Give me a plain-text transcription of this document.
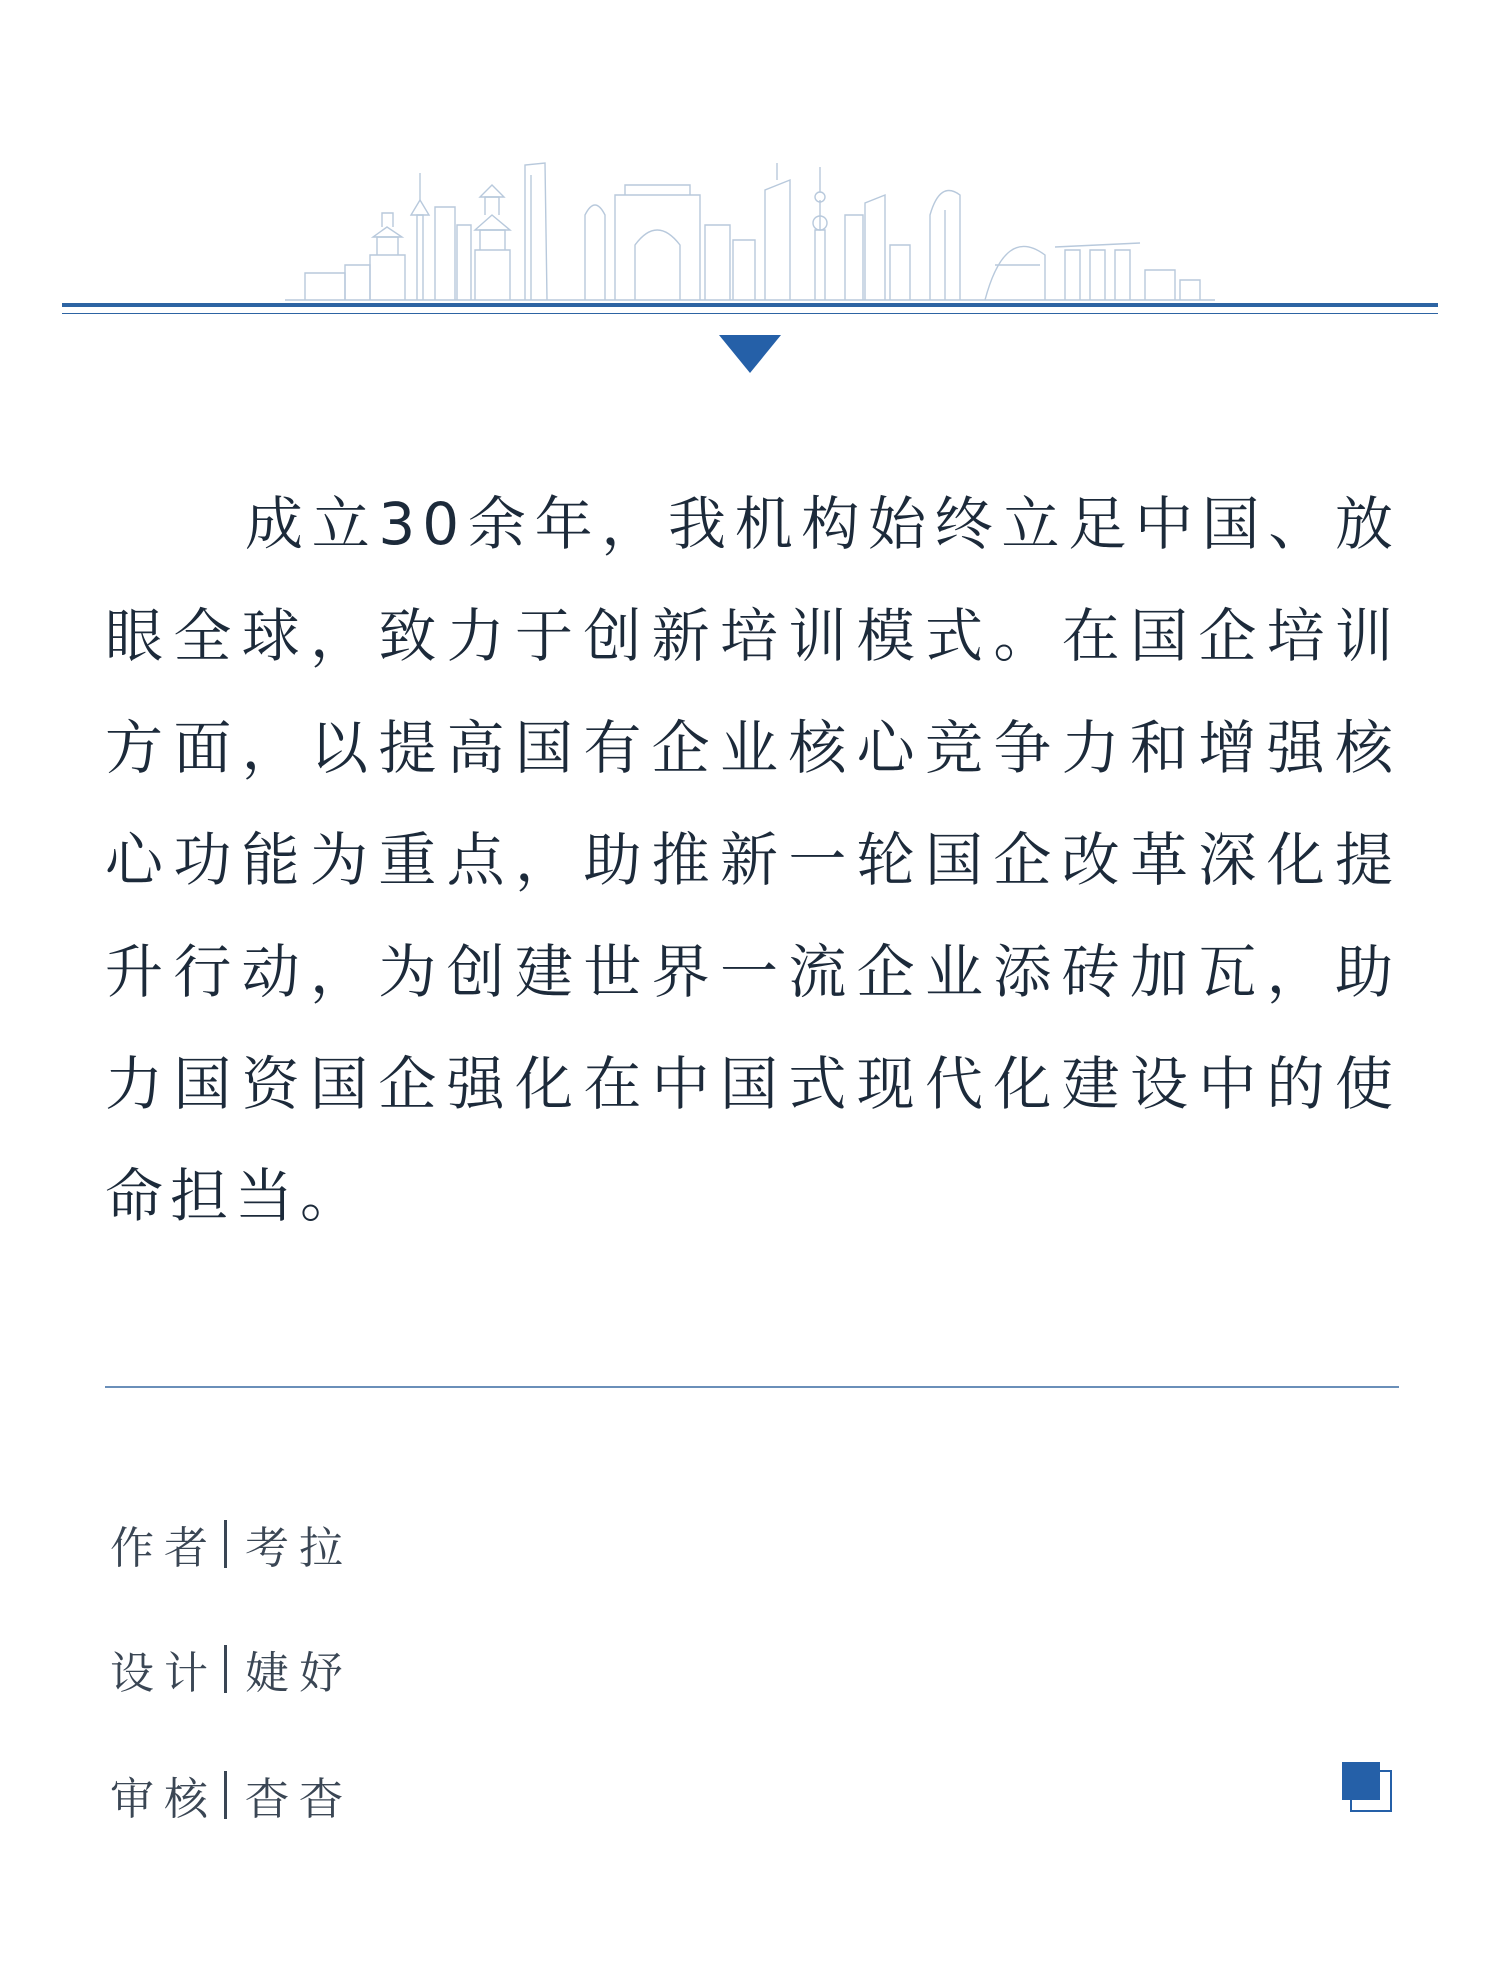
成立30余年，我机构始终立足中国、放眼全球，致力于创新培训模式。在国企培训方面，以提高国有企业核心竞争力和增强核心功能为重点，助推新一轮国企改革深化提升行动，为创建世界一流企业添砖加瓦，助力国资国企强化在中国式现代化建设中的使命担当。

作者 考拉
设计 婕妤
审核 杳杳
